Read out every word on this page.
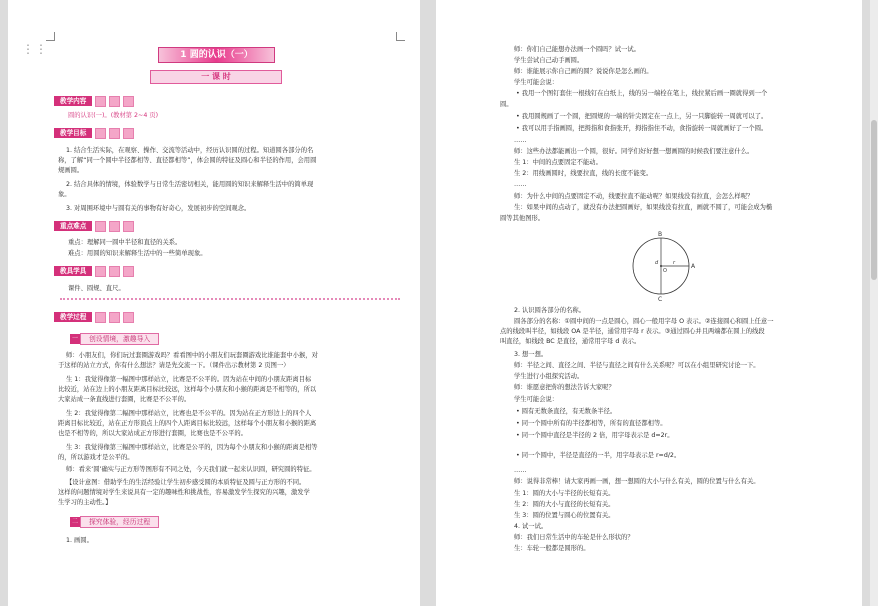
1 圆的认识（一）
一 课 时
教学内容
圆的认识(一)。(教材第 2~4 页)
教学目标
1. 结合生活实际，在观察、操作、交流等活动中，经历认识圆的过程。知道圆各部分的名
称，了解“同一个圆中半径都相等、直径都相等”，体会圆的特征及圆心和半径的作用，会用圆
规画圆。
2. 结合具体的情境，体验数学与日常生活密切相关，能用圆的知识来解释生活中的简单现
象。
3. 对周围环境中与圆有关的事物有好奇心，发展初步的空间观念。
重点难点
重点：理解同一圆中半径和直径的关系。
难点：用圆的知识来解释生活中的一些简单现象。
教具学具
课件、圆规、直尺。
教学过程
一	创设情境，激趣导入
师：小朋友们，你们玩过套圈游戏吗？看看图中的小朋友们玩套圈游戏比谁能套中小猴，对
于这样的站立方式，你有什么想法？请是先交流一下。（课件出示教材第 2 页图一）
生 1：我觉得像第一幅图中那样站立，比赛是不公平的。因为站在中间的小朋友距离目标
比较近，站在边上的小朋友距离目标比较远，这样每个小朋友和小猴的距离是不相等的，所以
大家站成一条直线进行套圈，比赛是不公平的。
生 2：我觉得像第二幅图中那样站立，比赛也是不公平的。因为站在正方形边上的四个人
距离目标比较近，站在正方形顶点上的四个人距离目标比较远，这样每个小朋友和小猴的距离
也是不相等的，所以大家站成正方形进行套圈，比赛也是不公平的。
生 3：我觉得像第三幅图中那样站立，比赛是公平的，因为每个小朋友和小猴的距离是相等
的，所以游戏才是公平的。
师：看来‘圆’确实与正方形等图形有不同之处，今天我们就一起来认识圆，研究圆的特征。
【设计意图：借助学生的生活经验让学生初步感受圆的本质特征及圆与正方形的不同。
这样的问题情境对学生来说具有一定的趣味性和挑战性，容易激发学生探究的兴趣，激发学
生学习的主动性。】
二	探究体验，经历过程
1. 画圆。
师：你们自己能想办法画一个圆吗？试一试。
学生尝试自己动手画圆。
师：谁能展示你自己画的圆？说说你是怎么画的。
学生可能会说：
• 我用一个图钉套住一根线钉在白纸上，线的另一端栓在笔上，线拉紧后画一圈就得到一个
圆。
• 我用圆规画了一个圆，把圆规的一端的针尖固定在一点上，另一只脚旋转一周就可以了。
• 我可以用手指画圆，把拇指和食指张开，拇指指住不动，食指旋转一周就画好了一个圆。
……
师：这些办法都能画出一个圆，很好。同学们好好想一想画圆的时候我们要注意什么。
生 1：中间的点要固定不能动。
生 2：用线画圆时，线要拉直，线的长度不能变。
……
师：为什么中间的点要固定不动，线要拉直不能动呢？如果线没有拉直，会怎么样呢？
生：如果中间的点动了，就没有办法把圆画好，如果线没有拉直，画就不圆了，可能会成为椭
圆等其他图形。
B
C
A
O
d	r
2. 认识圆各部分的名称。
圆各部分的名称：①圆中间的一点是圆心，圆心一般用字母 O 表示。②连接圆心和圆上任意一
点的线段叫半径，如线段 OA 是半径，通常用字母 r 表示。③通过圆心并且两端都在圆上的线段
叫直径，如线段 BC 是直径，通常用字母 d 表示。
3. 想一想。
师：半径之间、直径之间、半径与直径之间有什么关系呢？可以在小组里研究讨论一下。
学生进行小组探究活动。
师：谁愿意把你的想法告诉大家呢？
学生可能会说：
• 圆有无数条直径，有无数条半径。
• 同一个圆中所有的半径都相等，所有的直径都相等。
• 同一个圆中直径是半径的 2 倍，用字母表示是 d=2r。
• 同一个圆中，半径是直径的一半，用字母表示是 r=d/2。
……
师：说得非常棒！请大家再画一画，想一想圆的大小与什么有关，圆的位置与什么有关。
生 1：圆的大小与半径的长短有关。
生 2：圆的大小与直径的长短有关。
生 3：圆的位置与圆心的位置有关。
4. 试一试。
师：我们日常生活中的车轮是什么形状的？
生：车轮一般都是圆形的。
⋮⋮
